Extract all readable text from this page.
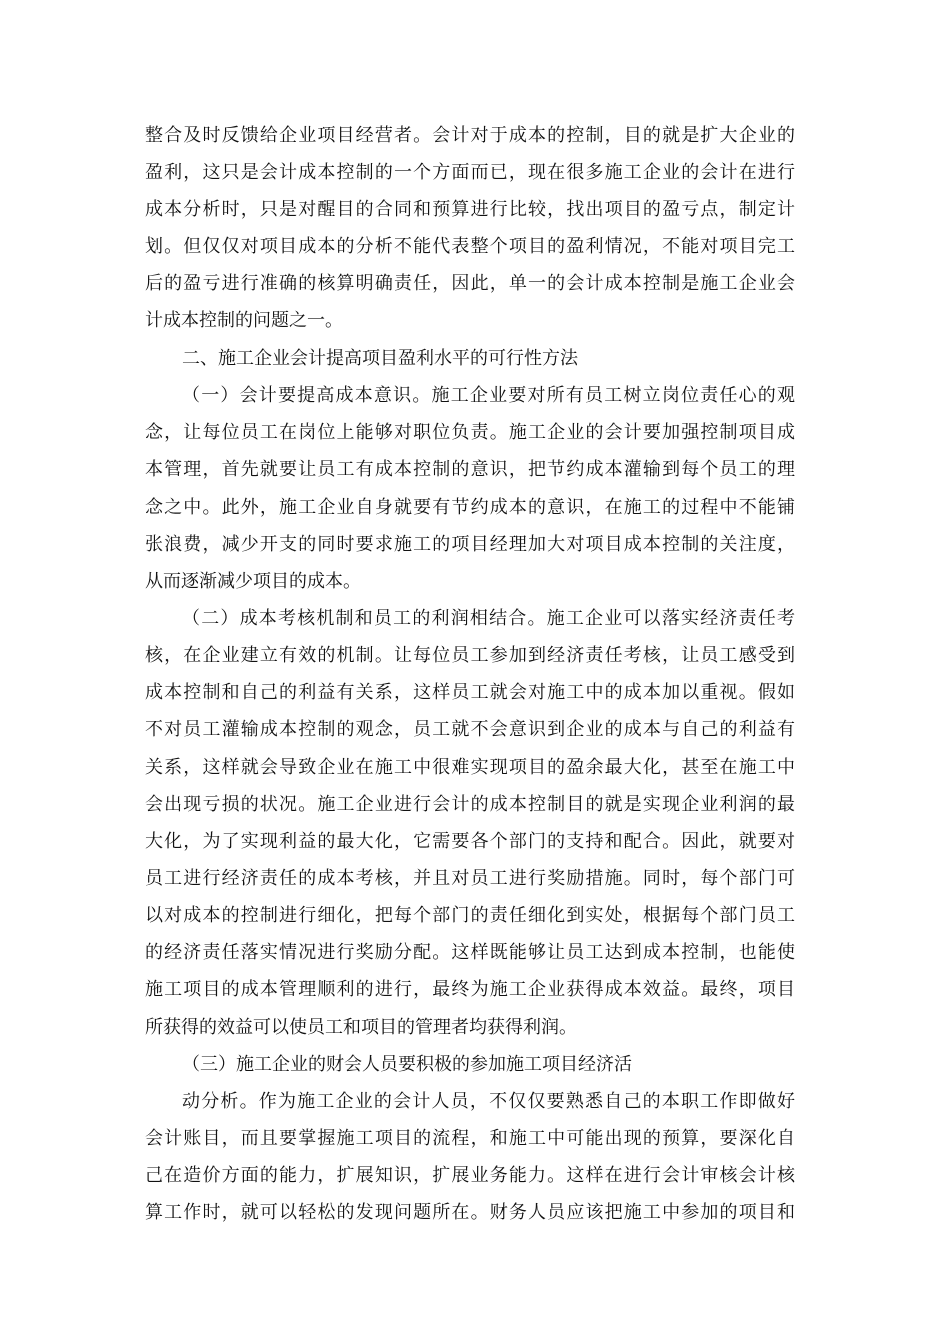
整合及时反馈给企业项目经营者。会计对于成本的控制，目的就是扩大企业的
盈利，这只是会计成本控制的一个方面而已，现在很多施工企业的会计在进行
成本分析时，只是对醒目的合同和预算进行比较，找出项目的盈亏点，制定计
划。但仅仅对项目成本的分析不能代表整个项目的盈利情况，不能对项目完工
后的盈亏进行准确的核算明确责任，因此，单一的会计成本控制是施工企业会
计成本控制的问题之一。
二、施工企业会计提高项目盈利水平的可行性方法
（一）会计要提高成本意识。施工企业要对所有员工树立岗位责任心的观
念，让每位员工在岗位上能够对职位负责。施工企业的会计要加强控制项目成
本管理，首先就要让员工有成本控制的意识，把节约成本灌输到每个员工的理
念之中。此外，施工企业自身就要有节约成本的意识，在施工的过程中不能铺
张浪费，减少开支的同时要求施工的项目经理加大对项目成本控制的关注度，
从而逐渐减少项目的成本。
（二）成本考核机制和员工的利润相结合。施工企业可以落实经济责任考
核，在企业建立有效的机制。让每位员工参加到经济责任考核，让员工感受到
成本控制和自己的利益有关系，这样员工就会对施工中的成本加以重视。假如
不对员工灌输成本控制的观念，员工就不会意识到企业的成本与自己的利益有
关系，这样就会导致企业在施工中很难实现项目的盈余最大化，甚至在施工中
会出现亏损的状况。施工企业进行会计的成本控制目的就是实现企业利润的最
大化，为了实现利益的最大化，它需要各个部门的支持和配合。因此，就要对
员工进行经济责任的成本考核，并且对员工进行奖励措施。同时，每个部门可
以对成本的控制进行细化，把每个部门的责任细化到实处，根据每个部门员工
的经济责任落实情况进行奖励分配。这样既能够让员工达到成本控制，也能使
施工项目的成本管理顺利的进行，最终为施工企业获得成本效益。最终，项目
所获得的效益可以使员工和项目的管理者均获得利润。
（三）施工企业的财会人员要积极的参加施工项目经济活
动分析。作为施工企业的会计人员，不仅仅要熟悉自己的本职工作即做好
会计账目，而且要掌握施工项目的流程，和施工中可能出现的预算，要深化自
己在造价方面的能力，扩展知识，扩展业务能力。这样在进行会计审核会计核
算工作时，就可以轻松的发现问题所在。财务人员应该把施工中参加的项目和
